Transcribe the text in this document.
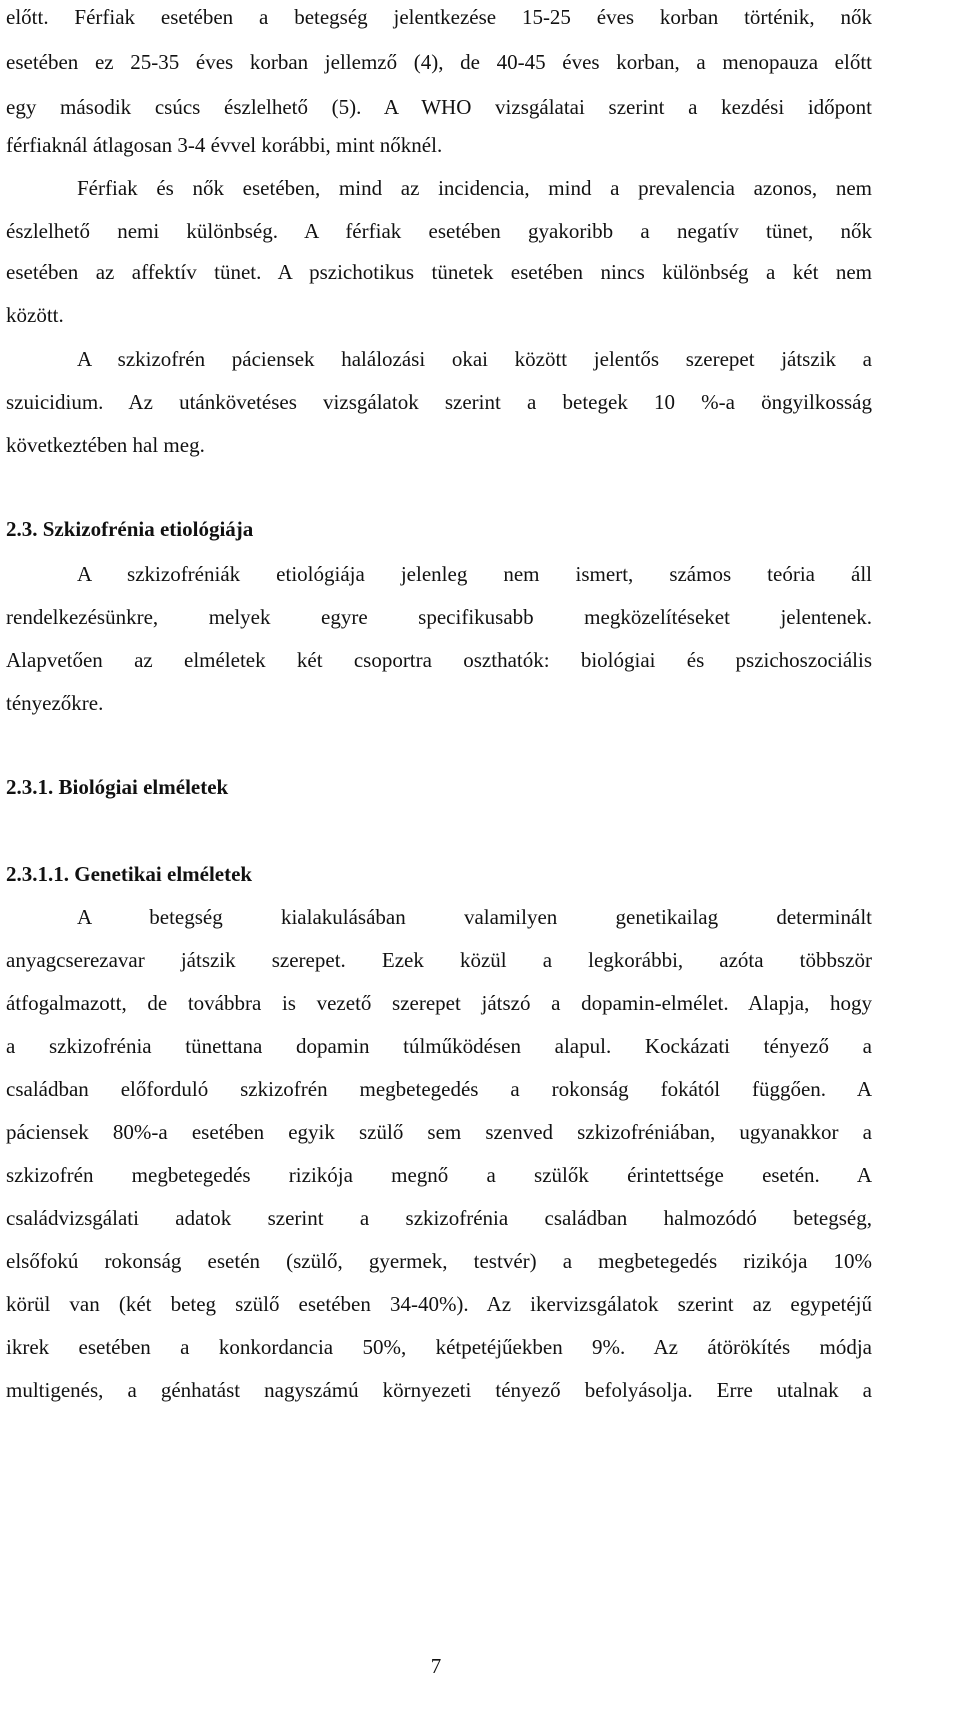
előtt. Férfiak esetében a betegség jelentkezése 15-25 éves korban történik, nők
esetében ez 25-35 éves korban jellemző (4), de 40-45 éves korban, a menopauza előtt
egy második csúcs észlelhető (5). A WHO vizsgálatai szerint a kezdési időpont
férfiaknál átlagosan 3-4 évvel korábbi, mint nőknél.
Férfiak és nők esetében, mind az incidencia, mind a prevalencia azonos, nem
észlelhető nemi különbség. A férfiak esetében gyakoribb a negatív tünet, nők
esetében az affektív tünet. A pszichotikus tünetek esetében nincs különbség a két nem
között.
A szkizofrén páciensek halálozási okai között jelentős szerepet játszik a
szuicidium. Az utánkövetéses vizsgálatok szerint a betegek 10 %-a öngyilkosság
következtében hal meg.
2.3. Szkizofrénia etiológiája
A szkizofréniák etiológiája jelenleg nem ismert, számos teória áll
rendelkezésünkre, melyek egyre specifikusabb megközelítéseket jelentenek.
Alapvetően az elméletek két csoportra oszthatók: biológiai és pszichoszociális
tényezőkre.
2.3.1. Biológiai elméletek
2.3.1.1. Genetikai elméletek
A betegség kialakulásában valamilyen genetikailag determinált
anyagcserezavar játszik szerepet. Ezek közül a legkorábbi, azóta többször
átfogalmazott, de továbbra is vezető szerepet játszó a dopamin-elmélet. Alapja, hogy
a szkizofrénia tünettana dopamin túlműködésen alapul. Kockázati tényező a
családban előforduló szkizofrén megbetegedés a rokonság fokától függően. A
páciensek 80%-a esetében egyik szülő sem szenved szkizofréniában, ugyanakkor a
szkizofrén megbetegedés rizikója megnő a szülők érintettsége esetén. A
családvizsgálati adatok szerint a szkizofrénia családban halmozódó betegség,
elsőfokú rokonság esetén (szülő, gyermek, testvér) a megbetegedés rizikója 10%
körül van (két beteg szülő esetében 34-40%). Az ikervizsgálatok szerint az egypetéjű
ikrek esetében a konkordancia 50%, kétpetéjűekben 9%. Az átörökítés módja
multigenés, a génhatást nagyszámú környezeti tényező befolyásolja. Erre utalnak a
7
